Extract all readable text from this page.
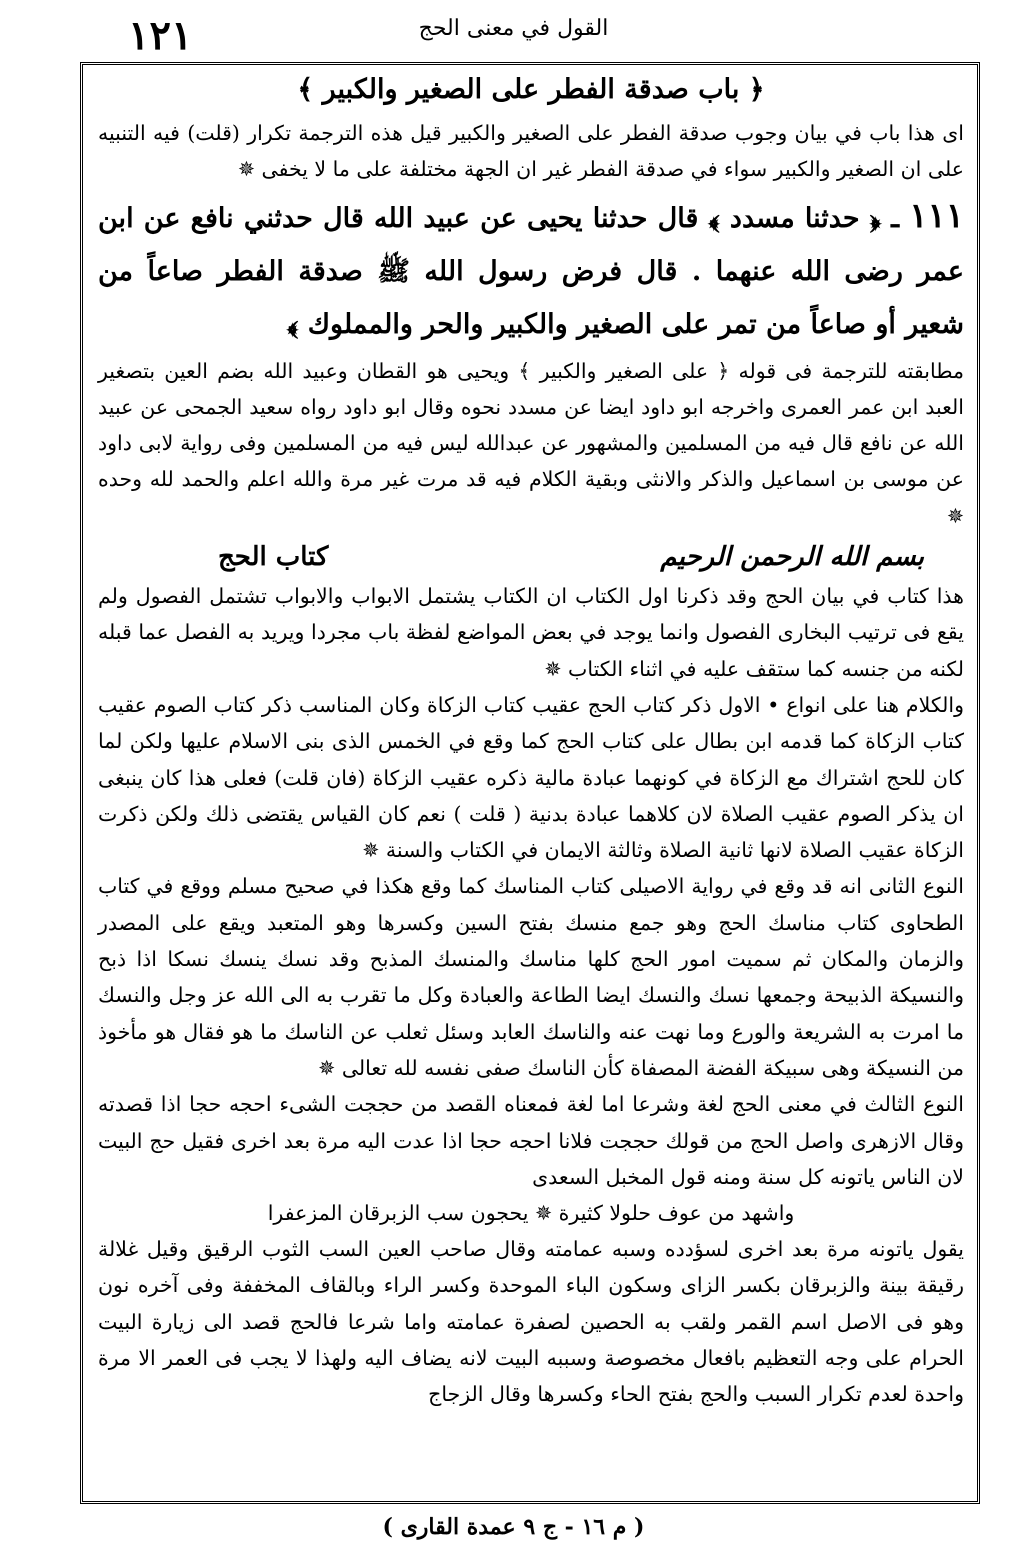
١٢١	القول في معنى الحج
﴿ باب صدقة الفطر على الصغير والكبير ﴾

اى هذا باب في بيان وجوب صدقة الفطر على الصغير والكبير قيل هذه الترجمة تكرار (قلت) فيه التنبيه على ان الصغير والكبير سواء في صدقة الفطر غير ان الجهة مختلفة على ما لا يخفى ✵

١١١ ـ ﴿ حدثنا مسدد ﴾ قال حدثنا يحيى عن عبيد الله قال حدثني نافع عن ابن عمر رضى الله عنهما . قال فرض رسول الله ﷺ صدقة الفطر صاعاً من شعير أو صاعاً من تمر على الصغير والكبير والحر والمملوك ﴾

مطابقته للترجمة فى قوله ﴿ على الصغير والكبير ﴾ ويحيى هو القطان وعبيد الله بضم العين بتصغير العبد ابن عمر العمرى واخرجه ابو داود ايضا عن مسدد نحوه وقال ابو داود رواه سعيد الجمحى عن عبيد الله عن نافع قال فيه من المسلمين والمشهور عن عبدالله ليس فيه من المسلمين وفى رواية لابى داود عن موسى بن اسماعيل والذكر والانثى وبقية الكلام فيه قد مرت غير مرة والله اعلم والحمد لله وحده ✵

بسم الله الرحمن الرحيم
كتاب الحج

هذا كتاب في بيان الحج وقد ذكرنا اول الكتاب ان الكتاب يشتمل الابواب والابواب تشتمل الفصول ولم يقع فى ترتيب البخارى الفصول وانما يوجد في بعض المواضع لفظة باب مجردا ويريد به الفصل عما قبله لكنه من جنسه كما ستقف عليه في اثناء الكتاب ✵

والكلام هنا على انواع • الاول ذكر كتاب الحج عقيب كتاب الزكاة وكان المناسب ذكر كتاب الصوم عقيب كتاب الزكاة كما قدمه ابن بطال على كتاب الحج كما وقع في الخمس الذى بنى الاسلام عليها ولكن لما كان للحج اشتراك مع الزكاة في كونهما عبادة مالية ذكره عقيب الزكاة (فان قلت) فعلى هذا كان ينبغى ان يذكر الصوم عقيب الصلاة لان كلاهما عبادة بدنية ( قلت ) نعم كان القياس يقتضى ذلك ولكن ذكرت الزكاة عقيب الصلاة لانها ثانية الصلاة وثالثة الايمان في الكتاب والسنة ✵

النوع الثانى انه قد وقع في رواية الاصيلى كتاب المناسك كما وقع هكذا في صحيح مسلم ووقع في كتاب الطحاوى كتاب مناسك الحج وهو جمع منسك بفتح السين وكسرها وهو المتعبد ويقع على المصدر والزمان والمكان ثم سميت امور الحج كلها مناسك والمنسك المذبح وقد نسك ينسك نسكا اذا ذبح والنسيكة الذبيحة وجمعها نسك والنسك ايضا الطاعة والعبادة وكل ما تقرب به الى الله عز وجل والنسك ما امرت به الشريعة والورع وما نهت عنه والناسك العابد وسئل ثعلب عن الناسك ما هو فقال هو مأخوذ من النسيكة وهى سبيكة الفضة المصفاة كأن الناسك صفى نفسه لله تعالى ✵

النوع الثالث في معنى الحج لغة وشرعا اما لغة فمعناه القصد من حججت الشىء احجه حجا اذا قصدته وقال الازهرى واصل الحج من قولك حججت فلانا احجه حجا اذا عدت اليه مرة بعد اخرى فقيل حج البيت لان الناس ياتونه كل سنة ومنه قول المخبل السعدى

واشهد من عوف حلولا كثيرة ✵ يحجون سب الزبرقان المزعفرا

يقول ياتونه مرة بعد اخرى لسؤدده وسبه عمامته وقال صاحب العين السب الثوب الرقيق وقيل غلالة رقيقة بينة والزبرقان بكسر الزاى وسكون الباء الموحدة وكسر الراء وبالقاف المخففة وفى آخره نون وهو فى الاصل اسم القمر ولقب به الحصين لصفرة عمامته واما شرعا فالحج قصد الى زيارة البيت الحرام على وجه التعظيم بافعال مخصوصة وسببه البيت لانه يضاف اليه ولهذا لا يجب فى العمر الا مرة واحدة لعدم تكرار السبب والحج بفتح الحاء وكسرها وقال الزجاج

( م ١٦ - ج ٩ عمدة القارى )
